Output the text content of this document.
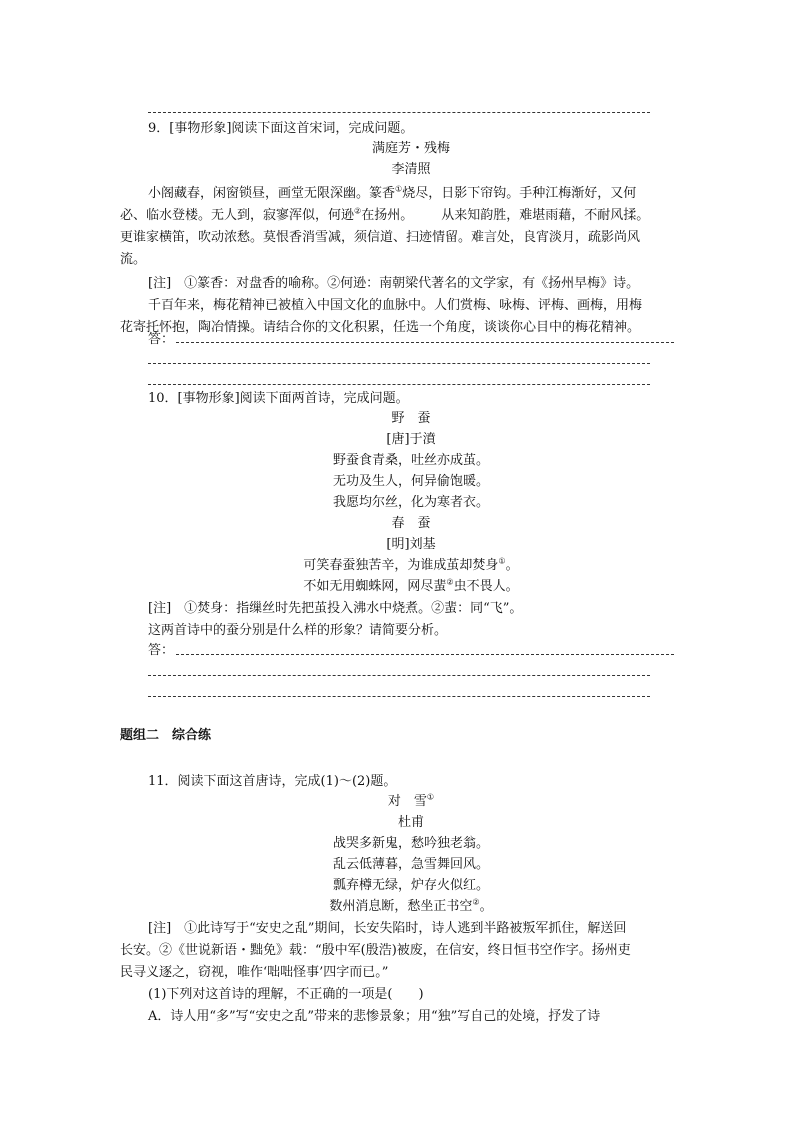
9．[事物形象]阅读下面这首宋词，完成问题。
满庭芳・残梅
李清照
小阁藏春，闲窗锁昼，画堂无限深幽。篆香①烧尽，日影下帘钩。手种江梅渐好，又何
必、临水登楼。无人到，寂寥浑似，何逊②在扬州。 从来知韵胜，难堪雨藉，不耐风揉。
更谁家横笛，吹动浓愁。莫恨香消雪减，须信道、扫迹情留。难言处，良宵淡月，疏影尚风
流。
[注]　①篆香：对盘香的喻称。②何逊：南朝梁代著名的文学家，有《扬州早梅》诗。
千百年来，梅花精神已被植入中国文化的血脉中。人们赏梅、咏梅、评梅、画梅，用梅
花寄托怀抱，陶冶情操。请结合你的文化积累，任选一个角度，谈谈你心目中的梅花精神。
答：
10．[事物形象]阅读下面两首诗，完成问题。
野　蚕
[唐]于濆
野蚕食青桑，吐丝亦成茧。
无功及生人，何异偷饱暖。
我愿均尔丝，化为寒者衣。
春　蚕
[明]刘基
可笑春蚕独苦辛，为谁成茧却焚身①。
不如无用蜘蛛网，网尽蜚②虫不畏人。
[注]　①焚身：指缫丝时先把茧投入沸水中烧煮。②蜚：同“飞”。
这两首诗中的蚕分别是什么样的形象？请简要分析。
答：
题组二　综合练
11．阅读下面这首唐诗，完成(1)～(2)题。
对　雪①
杜甫
战哭多新鬼，愁吟独老翁。
乱云低薄暮，急雪舞回风。
瓢弃樽无绿，炉存火似红。
数州消息断，愁坐正书空②。
[注]　①此诗写于“安史之乱”期间，长安失陷时，诗人逃到半路被叛军抓住，解送回
长安。②《世说新语・黜免》载：“殷中军(殷浩)被废，在信安，终日恒书空作字。扬州吏
民寻义逐之，窃视，唯作‘咄咄怪事’四字而已。”
(1)下列对这首诗的理解，不正确的一项是(　　)
A．诗人用“多”写“安史之乱”带来的悲惨景象；用“独”写自己的处境，抒发了诗
